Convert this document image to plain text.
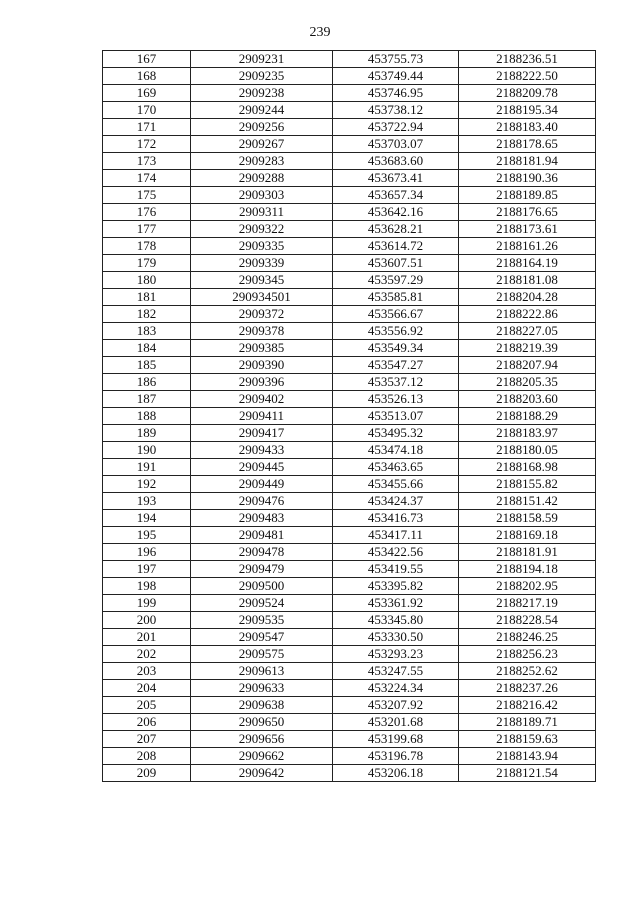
239
167	2909231	453755.73	2188236.51
168	2909235	453749.44	2188222.50
169	2909238	453746.95	2188209.78
170	2909244	453738.12	2188195.34
171	2909256	453722.94	2188183.40
172	2909267	453703.07	2188178.65
173	2909283	453683.60	2188181.94
174	2909288	453673.41	2188190.36
175	2909303	453657.34	2188189.85
176	2909311	453642.16	2188176.65
177	2909322	453628.21	2188173.61
178	2909335	453614.72	2188161.26
179	2909339	453607.51	2188164.19
180	2909345	453597.29	2188181.08
181	290934501	453585.81	2188204.28
182	2909372	453566.67	2188222.86
183	2909378	453556.92	2188227.05
184	2909385	453549.34	2188219.39
185	2909390	453547.27	2188207.94
186	2909396	453537.12	2188205.35
187	2909402	453526.13	2188203.60
188	2909411	453513.07	2188188.29
189	2909417	453495.32	2188183.97
190	2909433	453474.18	2188180.05
191	2909445	453463.65	2188168.98
192	2909449	453455.66	2188155.82
193	2909476	453424.37	2188151.42
194	2909483	453416.73	2188158.59
195	2909481	453417.11	2188169.18
196	2909478	453422.56	2188181.91
197	2909479	453419.55	2188194.18
198	2909500	453395.82	2188202.95
199	2909524	453361.92	2188217.19
200	2909535	453345.80	2188228.54
201	2909547	453330.50	2188246.25
202	2909575	453293.23	2188256.23
203	2909613	453247.55	2188252.62
204	2909633	453224.34	2188237.26
205	2909638	453207.92	2188216.42
206	2909650	453201.68	2188189.71
207	2909656	453199.68	2188159.63
208	2909662	453196.78	2188143.94
209	2909642	453206.18	2188121.54
